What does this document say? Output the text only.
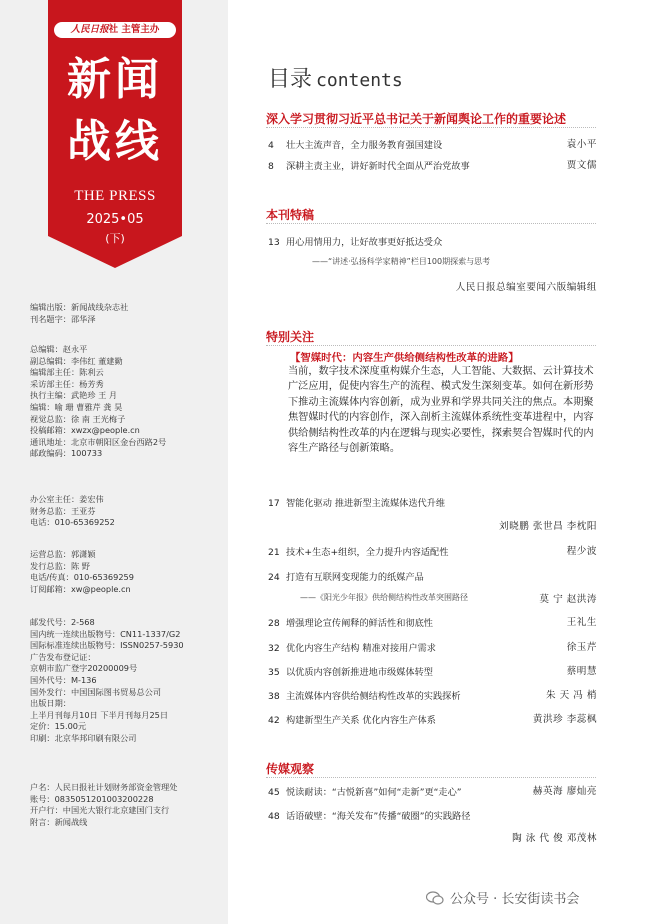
人民日报社 主管主办
新闻
战线
THE PRESS
2025•05
(下)
编辑出版：新闻战线杂志社
刊名题字：邵华泽
总编辑：赵永平
副总编辑：李伟红 董建勤
编辑部主任：陈利云
采访部主任：杨芳秀
执行主编：武艳珍 王 月
编辑：喻 珊 曹雅芹 龚 昊
视觉总监：徐 南 王光梅子
投稿邮箱：xwzx@people.cn
通讯地址：北京市朝阳区金台西路2号
邮政编码：100733
办公室主任：姜宏伟
财务总监：王亚芬
电话：010-65369252
运营总监：郭潇颖
发行总监：陈 野
电话/传真：010-65369259
订阅邮箱：xw@people.cn
邮发代号：2-568
国内统一连续出版物号：CN11-1337/G2
国际标准连续出版物号：ISSN0257-5930
广告发布登记证：
京朝市监广登字20200009号
国外代号：M-136
国外发行：中国国际图书贸易总公司
出版日期：
上半月刊每月10日 下半月刊每月25日
定价：15.00元
印刷：北京华邦印刷有限公司
户名：人民日报社计划财务部资金管理处
账号：0835051201003200228
开户行：中国光大银行北京建国门支行
附言：新闻战线
目录 contents
深入学习贯彻习近平总书记关于新闻舆论工作的重要论述
4 壮大主流声音，全力服务教育强国建设	袁小平
8 深耕主责主业，讲好新时代全面从严治党故事	贾文儒
本刊特稿
13 用心用情用力，让好故事更好抵达受众
——“讲述·弘扬科学家精神”栏目100期探索与思考
人民日报总编室要闻六版编辑组
特别关注
【智媒时代：内容生产供给侧结构性改革的进路】
当前，数字技术深度重构媒介生态，人工智能、大数据、云计算技术广泛应用，促使内容生产的流程、模式发生深刻变革。如何在新形势下推动主流媒体内容创新，成为业界和学界共同关注的焦点。本期聚焦智媒时代的内容创作，深入剖析主流媒体系统性变革进程中，内容供给侧结构性改革的内在逻辑与现实必要性，探索契合智媒时代的内容生产路径与创新策略。
17 智能化驱动 推进新型主流媒体迭代升维
刘晓鹏 张世昌 李枕阳
21 技术+生态+组织，全力提升内容适配性	程少波
24 打造有互联网变现能力的纸媒产品
——《阳光少年报》供给侧结构性改革突围路径	莫 宁 赵洪涛
28 增强理论宣传阐释的鲜活性和彻底性	王礼生
32 优化内容生产结构 精准对接用户需求	徐玉芹
35 以优质内容创新推进地市级媒体转型	蔡明慧
38 主流媒体内容供给侧结构性改革的实践探析	朱 天 冯 梢
42 构建新型生产关系 优化内容生产体系	黄洪珍 李蕊枫
传媒观察
45 悦读耐读：“古悦新喜”如何“走新”更“走心”	赫英海 廖灿亮
48 话语破壁：“海关发布”传播“破圈”的实践路径
陶 泳 代 俊 邓茂林
公众号 · 长安街读书会
